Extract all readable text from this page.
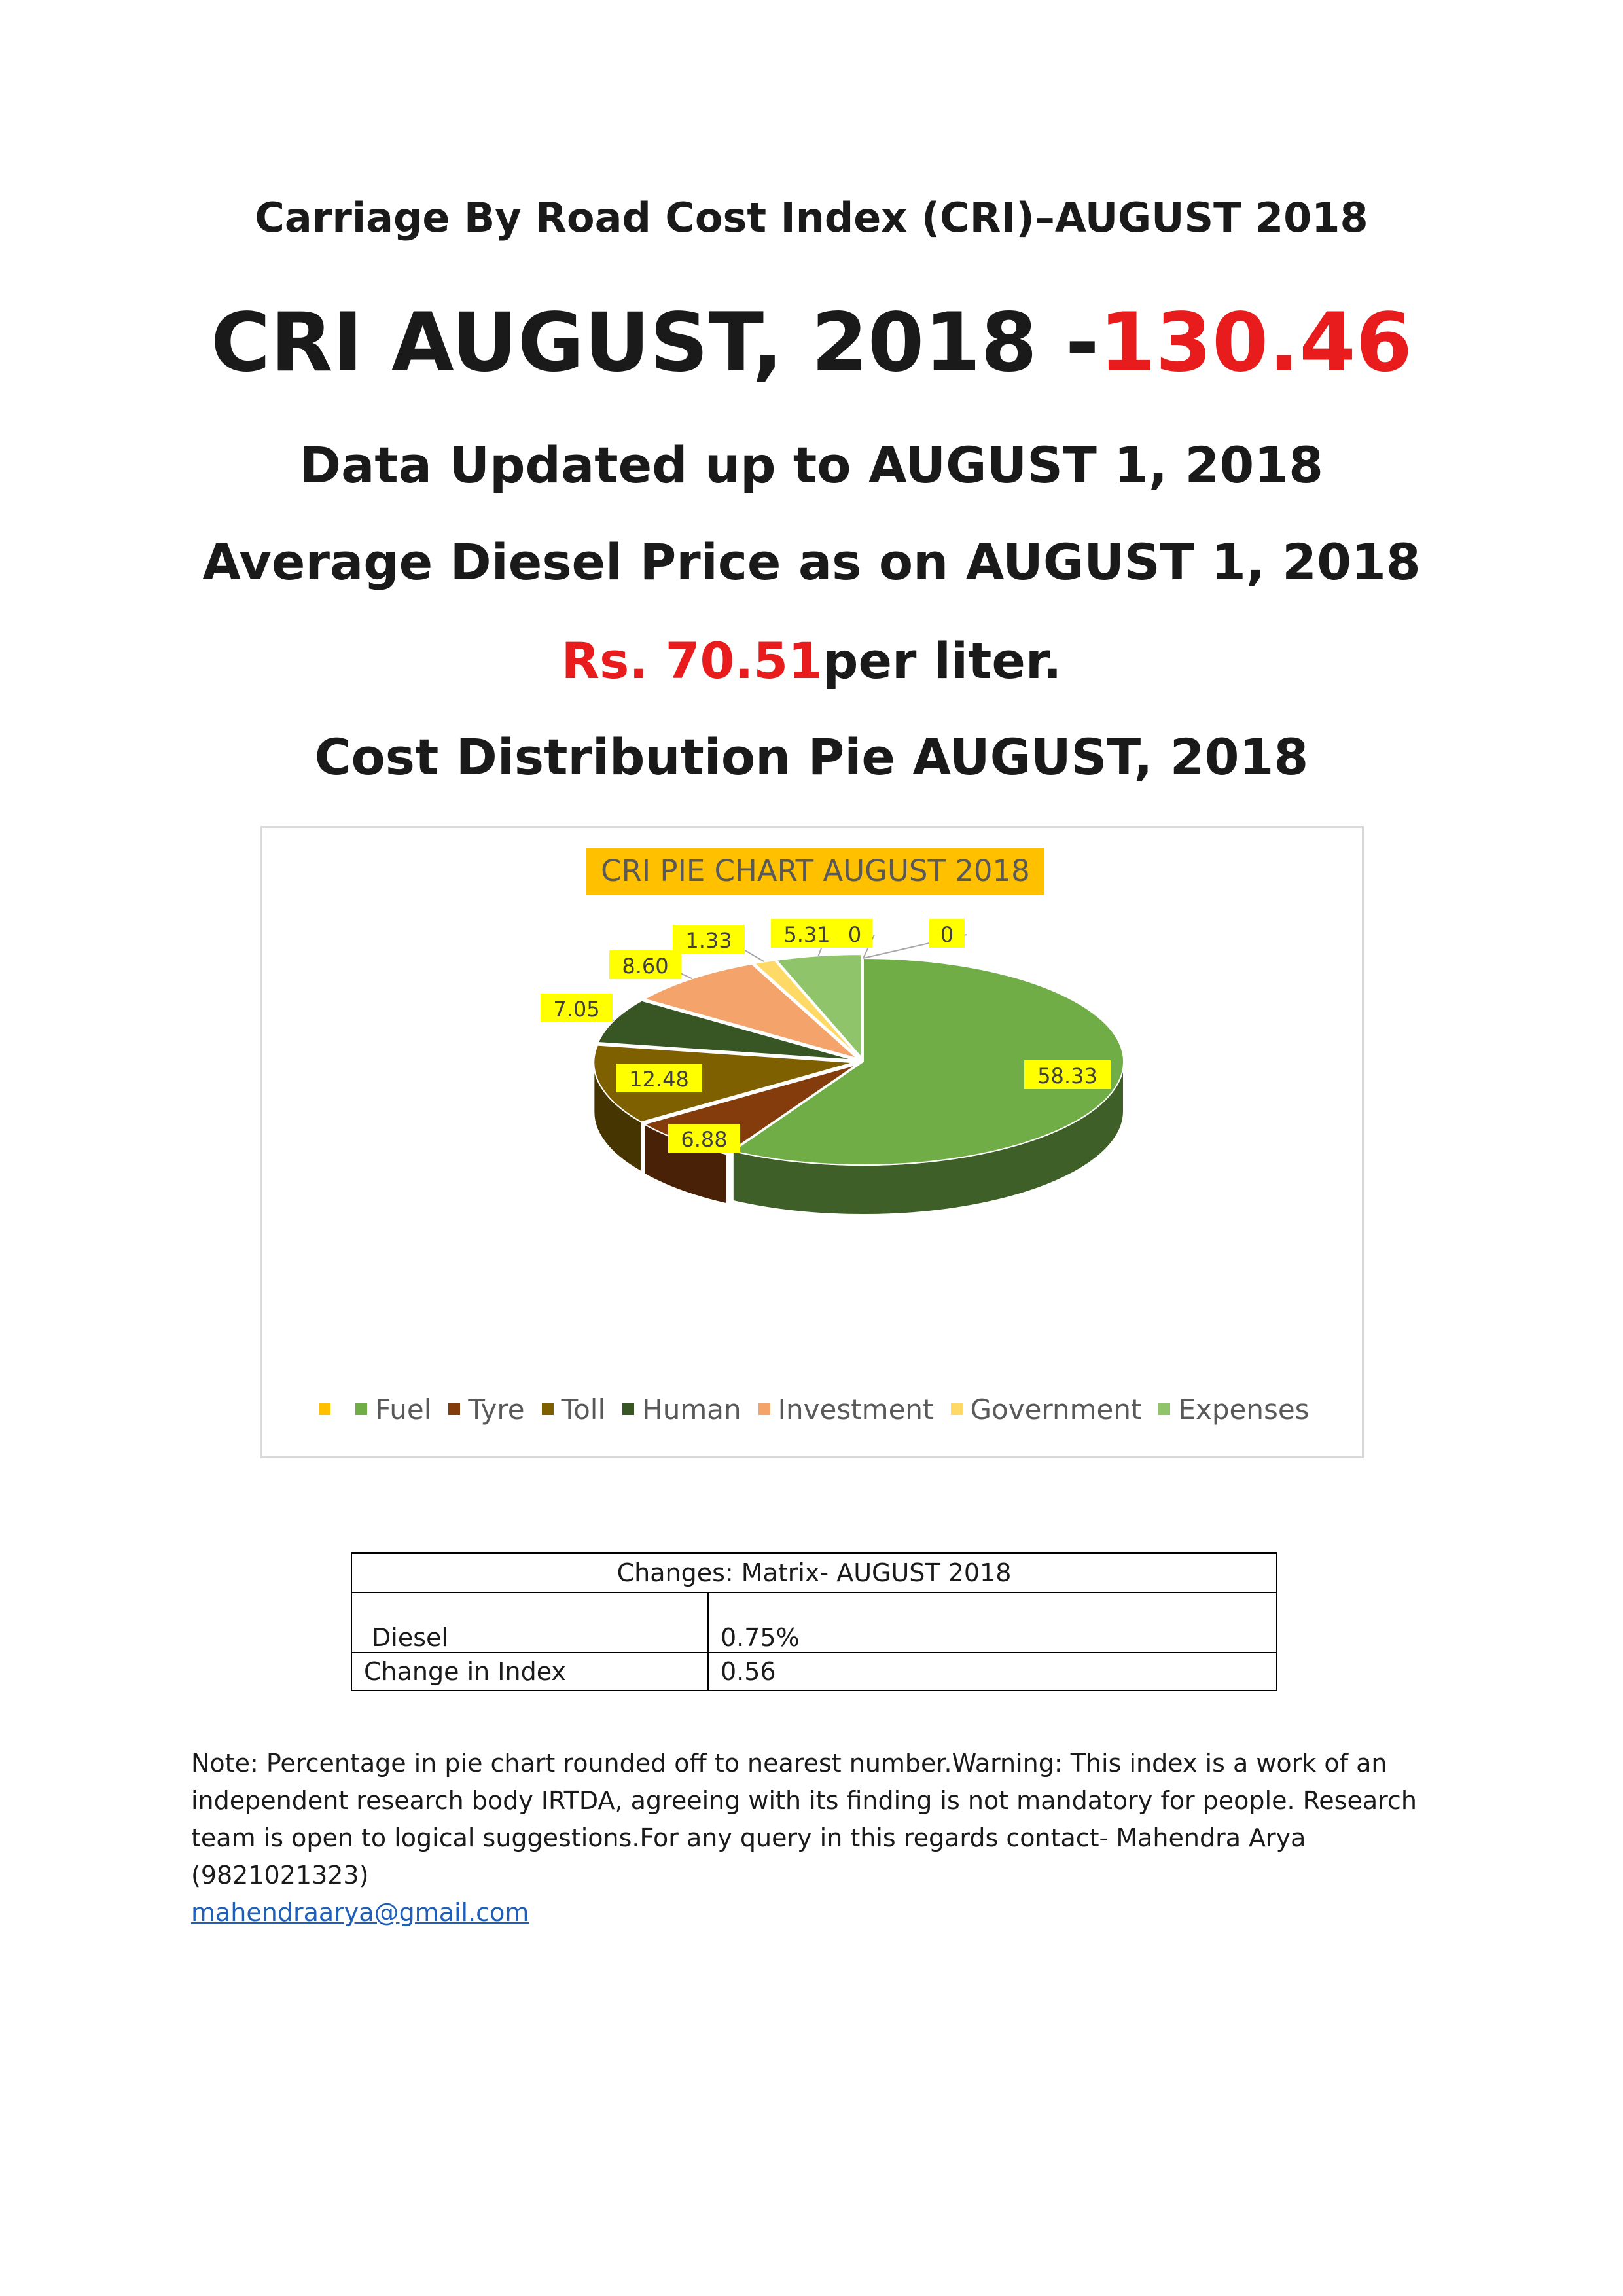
Carriage By Road Cost Index (CRI)–AUGUST 2018
CRI AUGUST, 2018 -130.46
Data Updated up to AUGUST 1, 2018
Average Diesel Price as on AUGUST 1, 2018
Rs. 70.51per liter.
Cost Distribution Pie AUGUST, 2018
0
58.33
6.88
12.48
7.05
8.60
1.33 5.31	0
CRI PIE CHART AUGUST 2018
Fuel Tyre Toll Human Investment Government Expenses
Changes: Matrix- AUGUST 2018	
Diesel	0.75%
Change in Index	0.56
Note: Percentage in pie chart rounded off to nearest number.Warning: This index is a work of an independent research body IRTDA, agreeing with its finding is not mandatory for people. Research team is open to logical suggestions.For any query in this regards contact- Mahendra Arya (9821021323)
mahendraarya@gmail.com
